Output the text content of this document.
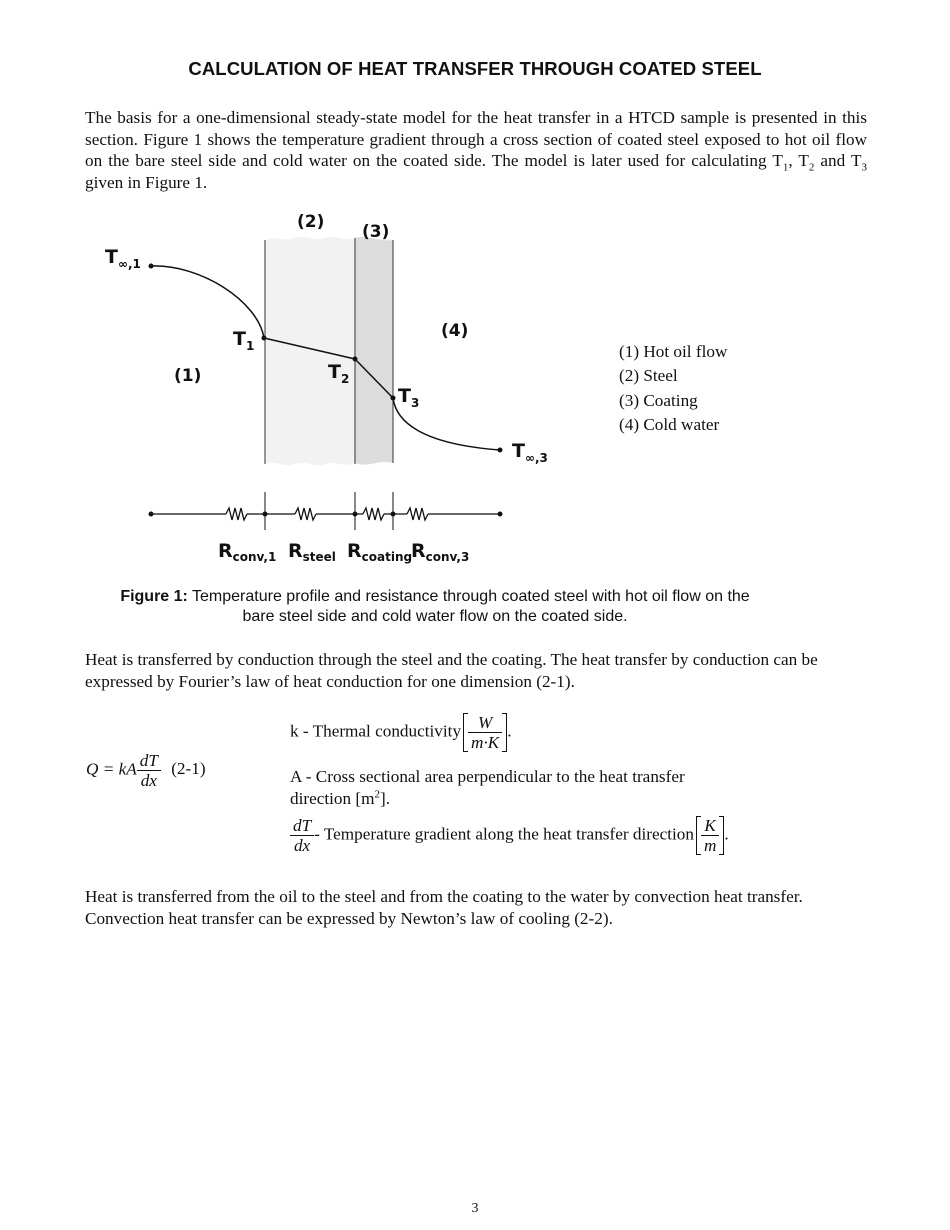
CALCULATION OF HEAT TRANSFER THROUGH COATED STEEL

The basis for a one-dimensional steady-state model for the heat transfer in a HTCD sample is presented in this section. Figure 1 shows the temperature gradient through a cross section of coated steel exposed to hot oil flow on the bare steel side and cold water on the coated side. The model is later used for calculating $T_1$, $T_2$ and $T_3$ given in Figure 1.

(2) (3)
(4)
(1)
$T_{\infty,1}$
$T_1$
$T_2$
$T_3$
$T_{\infty,3}$
$R_{conv,1}$ $R_{steel}$ $R_{coating}$
$R_{conv,3}$
(1) Hot oil flow
(2) Steel
(3) Coating
(4) Cold water
Figure 1: Temperature profile and resistance through coated steel with hot oil flow on the
bare steel side and cold water flow on the coated side.

Heat is transferred by conduction through the steel and the coating. The heat transfer by conduction can be expressed by Fourier’s law of heat conduction for one dimension (2-1).

Q = kA $\frac{dT}{dx} (2-1)$
k - Thermal conductivity $\frac{W}{m\cdot K}$ .
A - Cross sectional area perpendicular to the heat transfer direction $[m^2]$.
$\frac{dT}{dx}$ - Temperature gradient along the heat transfer direction $\frac{K}{m}$ .

Heat is transferred from the oil to the steel and from the coating to the water by convection heat transfer. Convection heat transfer can be expressed by Newton’s law of cooling (2-2).

3
